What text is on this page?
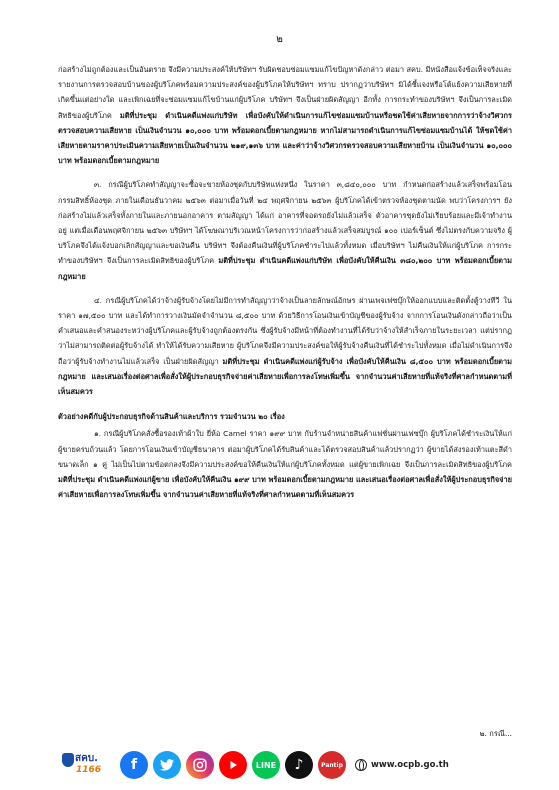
๒

ก่อสร้างไม่ถูกต้องและเป็นอันตราย จึงมีความประสงค์ให้บริษัทฯ รับผิดชอบซ่อมแซมแก้ไขปัญหาดังกล่าว ต่อมา สคบ. มีหนังสือแจ้งข้อเท็จจริงและรายงานการตรวจสอบบ้านของผู้บริโภคพร้อมความประสงค์ของผู้บริโภคให้บริษัทฯ ทราบ ปรากฏว่าบริษัทฯ มิได้ชี้แจงหรือโต้แย้งความเสียหายที่เกิดขึ้นแต่อย่างใด และเพิกเฉยที่จะซ่อมแซมแก้ไขบ้านแก่ผู้บริโภค บริษัทฯ จึงเป็นฝ่ายผิดสัญญา อีกทั้ง การกระทำของบริษัทฯ จึงเป็นการละเมิดสิทธิของผู้บริโภค มติที่ประชุม ดำเนินคดีแพ่งแก่บริษัท เพื่อบังคับให้ดำเนินการแก้ไขซ่อมแซมบ้านหรือชดใช้ค่าเสียหายจากการว่าจ้างวิศวกรตรวจสอบความเสียหาย เป็นเงินจำนวน ๑๐,๐๐๐ บาท พร้อมดอกเบี้ยตามกฎหมาย หากไม่สามารถดำเนินการแก้ไขซ่อมแซมบ้านได้ ให้ชดใช้ค่าเสียหายตามราคาประเมินความเสียหายเป็นเงินจำนวน ๒๑๙,๑๓๖ บาท และค่าว่าจ้างวิศวกรตรวจสอบความเสียหายบ้าน เป็นเงินจำนวน ๑๐,๐๐๐ บาท พร้อมดอกเบี้ยตามกฎหมาย

๓. กรณีผู้บริโภคทำสัญญาจะซื้อจะขายห้องชุดกับบริษัทแห่งหนึ่ง ในราคา ๓,๘๔๐,๐๐๐ บาท กำหนดก่อสร้างแล้วเสร็จพร้อมโอนกรรมสิทธิ์ห้องชุด ภายในเดือนธันวาคม ๒๕๖๓ ต่อมาเมื่อวันที่ ๒๔ พฤศจิกายน ๒๕๖๓ ผู้บริโภคได้เข้าตรวจห้องชุดตามนัด พบว่าโครงการฯ ยังก่อสร้างไม่แล้วเสร็จทั้งภายในและภายนอกอาคาร ตามสัญญา ได้แก่ อาคารที่จอดรถยังไม่แล้วเสร็จ ตัวอาคารชุดยังไม่เรียบร้อยและมีเจ้าทำงานอยู่ แต่เมื่อเดือนพฤศจิกายน ๒๕๖๓ บริษัทฯ ได้โฆษณาบริเวณหน้าโครงการว่าก่อสร้างแล้วเสร็จสมบูรณ์ ๑๐๐ เปอร์เซ็นต์ ซึ่งไม่ตรงกับความจริง ผู้บริโภคจึงได้แจ้งบอกเลิกสัญญาและขอเงินคืน บริษัทฯ จึงต้องคืนเงินที่ผู้บริโภคชำระไปแล้วทั้งหมด เมื่อบริษัทฯ ไม่คืนเงินให้แก่ผู้บริโภค การกระทำของบริษัทฯ จึงเป็นการละเมิดสิทธิของผู้บริโภค มติที่ประชุม ดำเนินคดีแพ่งแก่บริษัท เพื่อบังคับให้คืนเงิน ๓๘๐,๒๐๐ บาท พร้อมดอกเบี้ยตามกฎหมาย

๔. กรณีผู้บริโภคได้ว่าจ้างผู้รับจ้างโดยไม่มีการทำสัญญาว่าจ้างเป็นลายลักษณ์อักษร ผ่านเพจเฟซบุ๊กให้ออกแบบและติดตั้งตู้วางทีวี ในราคา ๑๗,๕๐๐ บาท และได้ทำการวางเงินมัดจำจำนวน ๘,๕๐๐ บาท ด้วยวิธีการโอนเงินเข้าบัญชีของผู้รับจ้าง จากการโอนเงินดังกล่าวถือว่าเป็นคำเสนอและคำสนองระหว่างผู้บริโภคและผู้รับจ้างถูกต้องตรงกัน ซึ่งผู้รับจ้างมีหน้าที่ต้องทำงานที่ได้รับว่าจ้างให้สำเร็จภายในระยะเวลา แต่ปรากฏว่าไม่สามารถติดต่อผู้รับจ้างได้ ทำให้ได้รับความเสียหาย ผู้บริโภคจึงมีความประสงค์ขอให้ผู้รับจ้างคืนเงินที่ได้ชำระไปทั้งหมด เมื่อไม่ดำเนินการจึงถือว่าผู้รับจ้างทำงานไม่แล้วเสร็จ เป็นฝ่ายผิดสัญญา มติที่ประชุม ดำเนินคดีแพ่งแก่ผู้รับจ้าง เพื่อบังคับให้คืนเงิน ๘,๕๐๐ บาท พร้อมดอกเบี้ยตามกฎหมาย และเสนอเรื่องต่อศาลเพื่อสั่งให้ผู้ประกอบธุรกิจจ่ายค่าเสียหายเพื่อการลงโทษเพิ่มขึ้น จากจำนวนค่าเสียหายที่แท้จริงที่ศาลกำหนดตามที่เห็นสมควร

ตัวอย่างคดีกับผู้ประกอบธุรกิจด้านสินค้าและบริการ รวมจำนวน ๒๐ เรื่อง

๑. กรณีผู้บริโภคสั่งซื้อรองเท้าผ้าใบ ยี่ห้อ Camel ราคา ๑๙๙ บาท กับร้านจำหน่ายสินค้าแฟชั่นผ่านเฟซบุ๊ก ผู้บริโภคได้ชำระเงินให้แก่ผู้ขายครบถ้วนแล้ว โดยการโอนเงินเข้าบัญชีธนาคาร ต่อมาผู้บริโภคได้รับสินค้าและได้ตรวจสอบสินค้าแล้วปรากฏว่า ผู้ขายได้ส่งรองเท้าแตะสีดำขนาดเล็ก ๑ คู่ ไม่เป็นไปตามข้อตกลงจึงมีความประสงค์ขอให้คืนเงินให้แก่ผู้บริโภคทั้งหมด แต่ผู้ขายเพิกเฉย จึงเป็นการละเมิดสิทธิของผู้บริโภค มติที่ประชุม ดำเนินคดีแพ่งแก่ผู้ขาย เพื่อบังคับให้คืนเงิน ๑๙๙ บาท พร้อมดอกเบี้ยตามกฎหมาย และเสนอเรื่องต่อศาลเพื่อสั่งให้ผู้ประกอบธุรกิจจ่ายค่าเสียหายเพื่อการลงโทษเพิ่มขึ้น จากจำนวนค่าเสียหายที่แท้จริงที่ศาลกำหนดตามที่เห็นสมควร

๒. กรณี...
สคบ.
1166	f	LINE	♪	Pantip	www.ocpb.go.th
